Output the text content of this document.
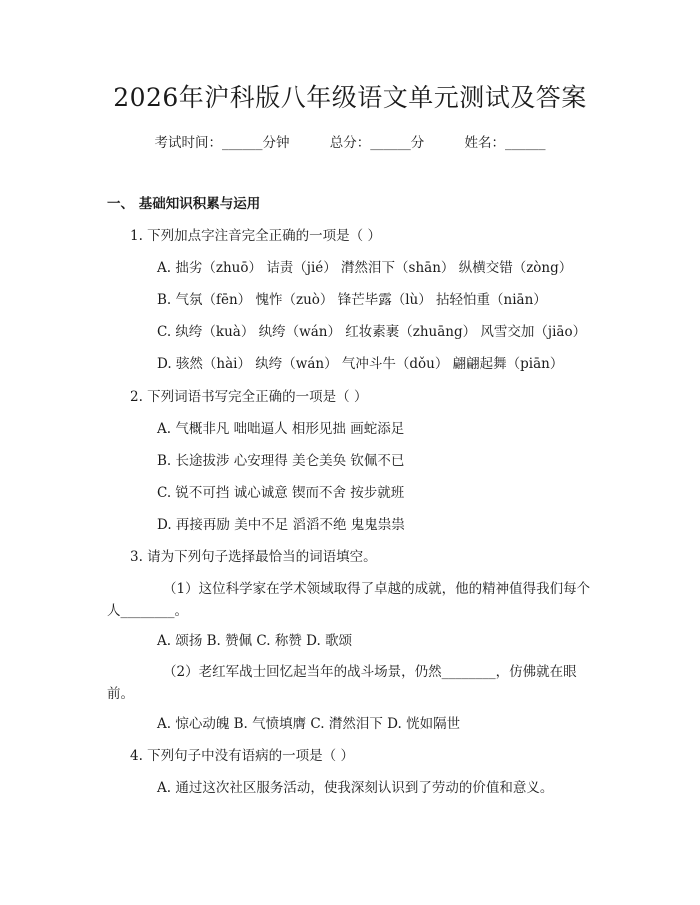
2026年沪科版八年级语文单元测试及答案
考试时间：______分钟	总分：______分	姓名：______
一、 基础知识积累与运用
1. 下列加点字注音完全正确的一项是（ ）
A. 拙劣（zhuō） 诘责（jié） 潸然泪下（shān） 纵横交错（zòng）
B. 气氛（fēn） 愧怍（zuò） 锋芒毕露（lù） 拈轻怕重（niān）
C. 纨绔（kuà） 纨绔（wán） 红妆素裹（zhuāng） 风雪交加（jiāo）
D. 骇然（hài） 纨绔（wán） 气冲斗牛（dǒu） 翩翩起舞（piān）
2. 下列词语书写完全正确的一项是（ ）
A. 气概非凡 咄咄逼人 相形见拙 画蛇添足
B. 长途拔涉 心安理得 美仑美奂 钦佩不已
C. 锐不可挡 诚心诚意 锲而不舍 按步就班
D. 再接再励 美中不足 滔滔不绝 鬼鬼祟祟
3. 请为下列句子选择最恰当的词语填空。
（1）这位科学家在学术领域取得了卓越的成就，他的精神值得我们每个
人________。
A. 颂扬 B. 赞佩 C. 称赞 D. 歌颂
（2）老红军战士回忆起当年的战斗场景，仍然________，仿佛就在眼
前。
A. 惊心动魄 B. 气愤填膺 C. 潸然泪下 D. 恍如隔世
4. 下列句子中没有语病的一项是（ ）
A. 通过这次社区服务活动，使我深刻认识到了劳动的价值和意义。
